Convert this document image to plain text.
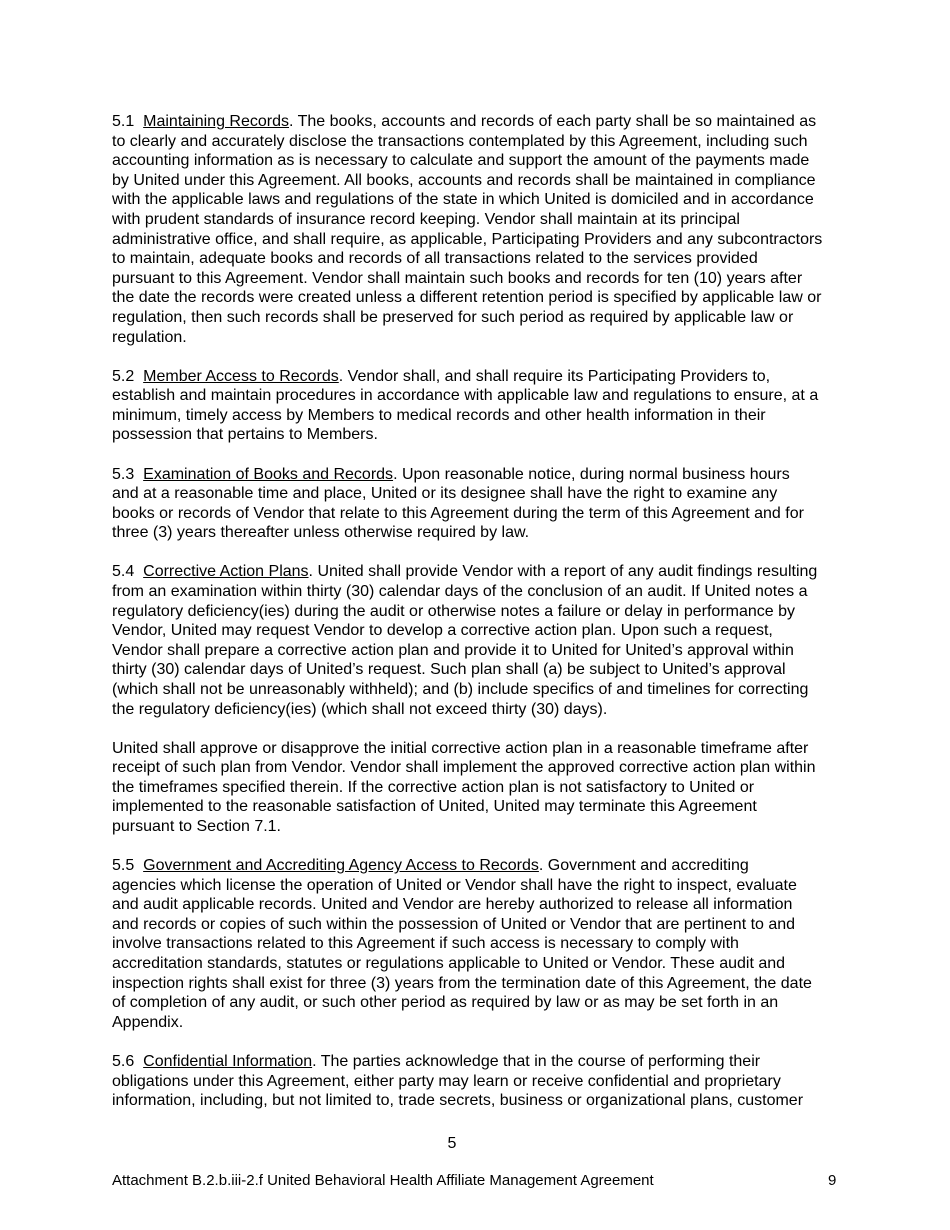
5.1 Maintaining Records. The books, accounts and records of each party shall be so maintained as
to clearly and accurately disclose the transactions contemplated by this Agreement, including such
accounting information as is necessary to calculate and support the amount of the payments made
by United under this Agreement. All books, accounts and records shall be maintained in compliance
with the applicable laws and regulations of the state in which United is domiciled and in accordance
with prudent standards of insurance record keeping. Vendor shall maintain at its principal
administrative office, and shall require, as applicable, Participating Providers and any subcontractors
to maintain, adequate books and records of all transactions related to the services provided
pursuant to this Agreement. Vendor shall maintain such books and records for ten (10) years after
the date the records were created unless a different retention period is specified by applicable law or
regulation, then such records shall be preserved for such period as required by applicable law or
regulation.

5.2 Member Access to Records. Vendor shall, and shall require its Participating Providers to,
establish and maintain procedures in accordance with applicable law and regulations to ensure, at a
minimum, timely access by Members to medical records and other health information in their
possession that pertains to Members.

5.3 Examination of Books and Records. Upon reasonable notice, during normal business hours
and at a reasonable time and place, United or its designee shall have the right to examine any
books or records of Vendor that relate to this Agreement during the term of this Agreement and for
three (3) years thereafter unless otherwise required by law.

5.4 Corrective Action Plans. United shall provide Vendor with a report of any audit findings resulting
from an examination within thirty (30) calendar days of the conclusion of an audit. If United notes a
regulatory deficiency(ies) during the audit or otherwise notes a failure or delay in performance by
Vendor, United may request Vendor to develop a corrective action plan. Upon such a request,
Vendor shall prepare a corrective action plan and provide it to United for United’s approval within
thirty (30) calendar days of United’s request. Such plan shall (a) be subject to United’s approval
(which shall not be unreasonably withheld); and (b) include specifics of and timelines for correcting
the regulatory deficiency(ies) (which shall not exceed thirty (30) days).

United shall approve or disapprove the initial corrective action plan in a reasonable timeframe after
receipt of such plan from Vendor. Vendor shall implement the approved corrective action plan within
the timeframes specified therein. If the corrective action plan is not satisfactory to United or
implemented to the reasonable satisfaction of United, United may terminate this Agreement
pursuant to Section 7.1.

5.5 Government and Accrediting Agency Access to Records. Government and accrediting
agencies which license the operation of United or Vendor shall have the right to inspect, evaluate
and audit applicable records. United and Vendor are hereby authorized to release all information
and records or copies of such within the possession of United or Vendor that are pertinent to and
involve transactions related to this Agreement if such access is necessary to comply with
accreditation standards, statutes or regulations applicable to United or Vendor. These audit and
inspection rights shall exist for three (3) years from the termination date of this Agreement, the date
of completion of any audit, or such other period as required by law or as may be set forth in an
Appendix.

5.6 Confidential Information. The parties acknowledge that in the course of performing their
obligations under this Agreement, either party may learn or receive confidential and proprietary
information, including, but not limited to, trade secrets, business or organizational plans, customer

5
Attachment B.2.b.iii-2.f United Behavioral Health Affiliate Management Agreement	9
